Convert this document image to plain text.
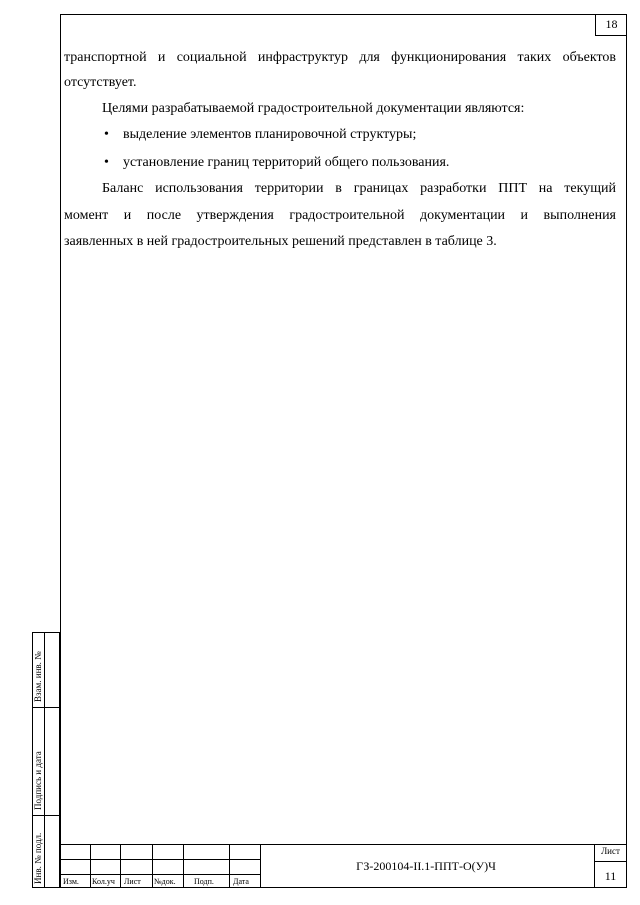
18
транспортной и социальной инфраструктур для функционирования таких объектов
отсутствует.
Целями разрабатываемой градостроительной документации являются:
• выделение элементов планировочной структуры;
• установление границ территорий общего пользования.
Баланс использования территории в границах разработки ППТ на текущий
момент и после утверждения градостроительной документации и выполнения
заявленных в ней градостроительных решений представлен в таблице 3.
Взам. инв. №
Подпись и дата
Инв. № подл.	Изм. Кол.уч Лист №док. Подп. Дата
ГЗ-200104-II.1-ППТ-О(У)Ч
Лист
11
